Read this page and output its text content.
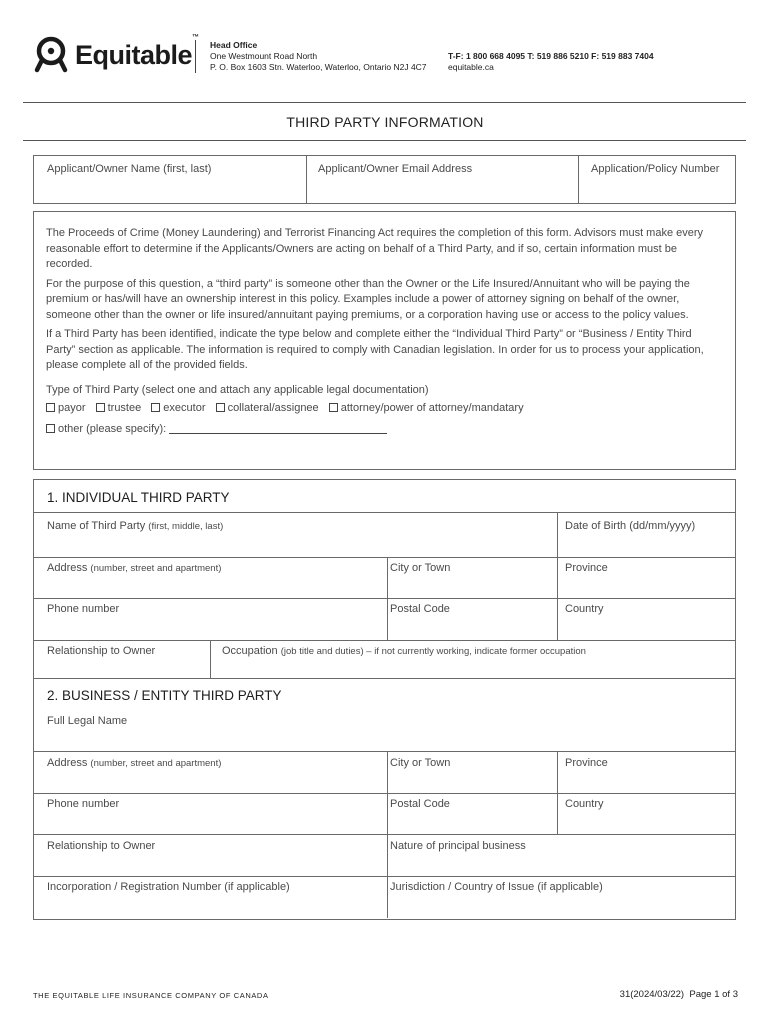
Equitable™
Head Office
One Westmount Road North
P. O. Box 1603 Stn. Waterloo, Waterloo, Ontario N2J 4C7
T-F: 1 800 668 4095 T: 519 886 5210 F: 519 883 7404
equitable.ca
THIRD PARTY INFORMATION
Applicant/Owner Name (first, last)	Applicant/Owner Email Address	Application/Policy Number

The Proceeds of Crime (Money Laundering) and Terrorist Financing Act requires the completion of this form. Advisors must make every reasonable effort to determine if the Applicants/Owners are acting on behalf of a Third Party, and if so, certain information must be recorded.

For the purpose of this question, a “third party” is someone other than the Owner or the Life Insured/Annuitant who will be paying the premium or has/will have an ownership interest in this policy. Examples include a power of attorney signing on behalf of the owner, someone other than the owner or life insured/annuitant paying premiums, or a corporation having use or access to the policy values.

If a Third Party has been identified, indicate the type below and complete either the “Individual Third Party” or “Business / Entity Third Party” section as applicable. The information is required to comply with Canadian legislation. In order for us to process your application, please complete all of the provided fields.

Type of Third Party (select one and attach any applicable legal documentation)

payor trustee executor collateral/assignee attorney/power of attorney/mandatary
other (please specify):
1. INDIVIDUAL THIRD PARTY
Name of Third Party (first, middle, last)	Date of Birth (dd/mm/yyyy)
Address (number, street and apartment)	City or Town	Province
Phone number	Postal Code	Country
Relationship to Owner	Occupation (job title and duties) – if not currently working, indicate former occupation
2. BUSINESS / ENTITY THIRD PARTY
Full Legal Name
Address (number, street and apartment)	City or Town	Province
Phone number	Postal Code	Country
Relationship to Owner	Nature of principal business
Incorporation / Registration Number (if applicable)	Jurisdiction / Country of Issue (if applicable)
THE EQUITABLE LIFE INSURANCE COMPANY OF CANADA	31(2024/03/22) Page 1 of 3
